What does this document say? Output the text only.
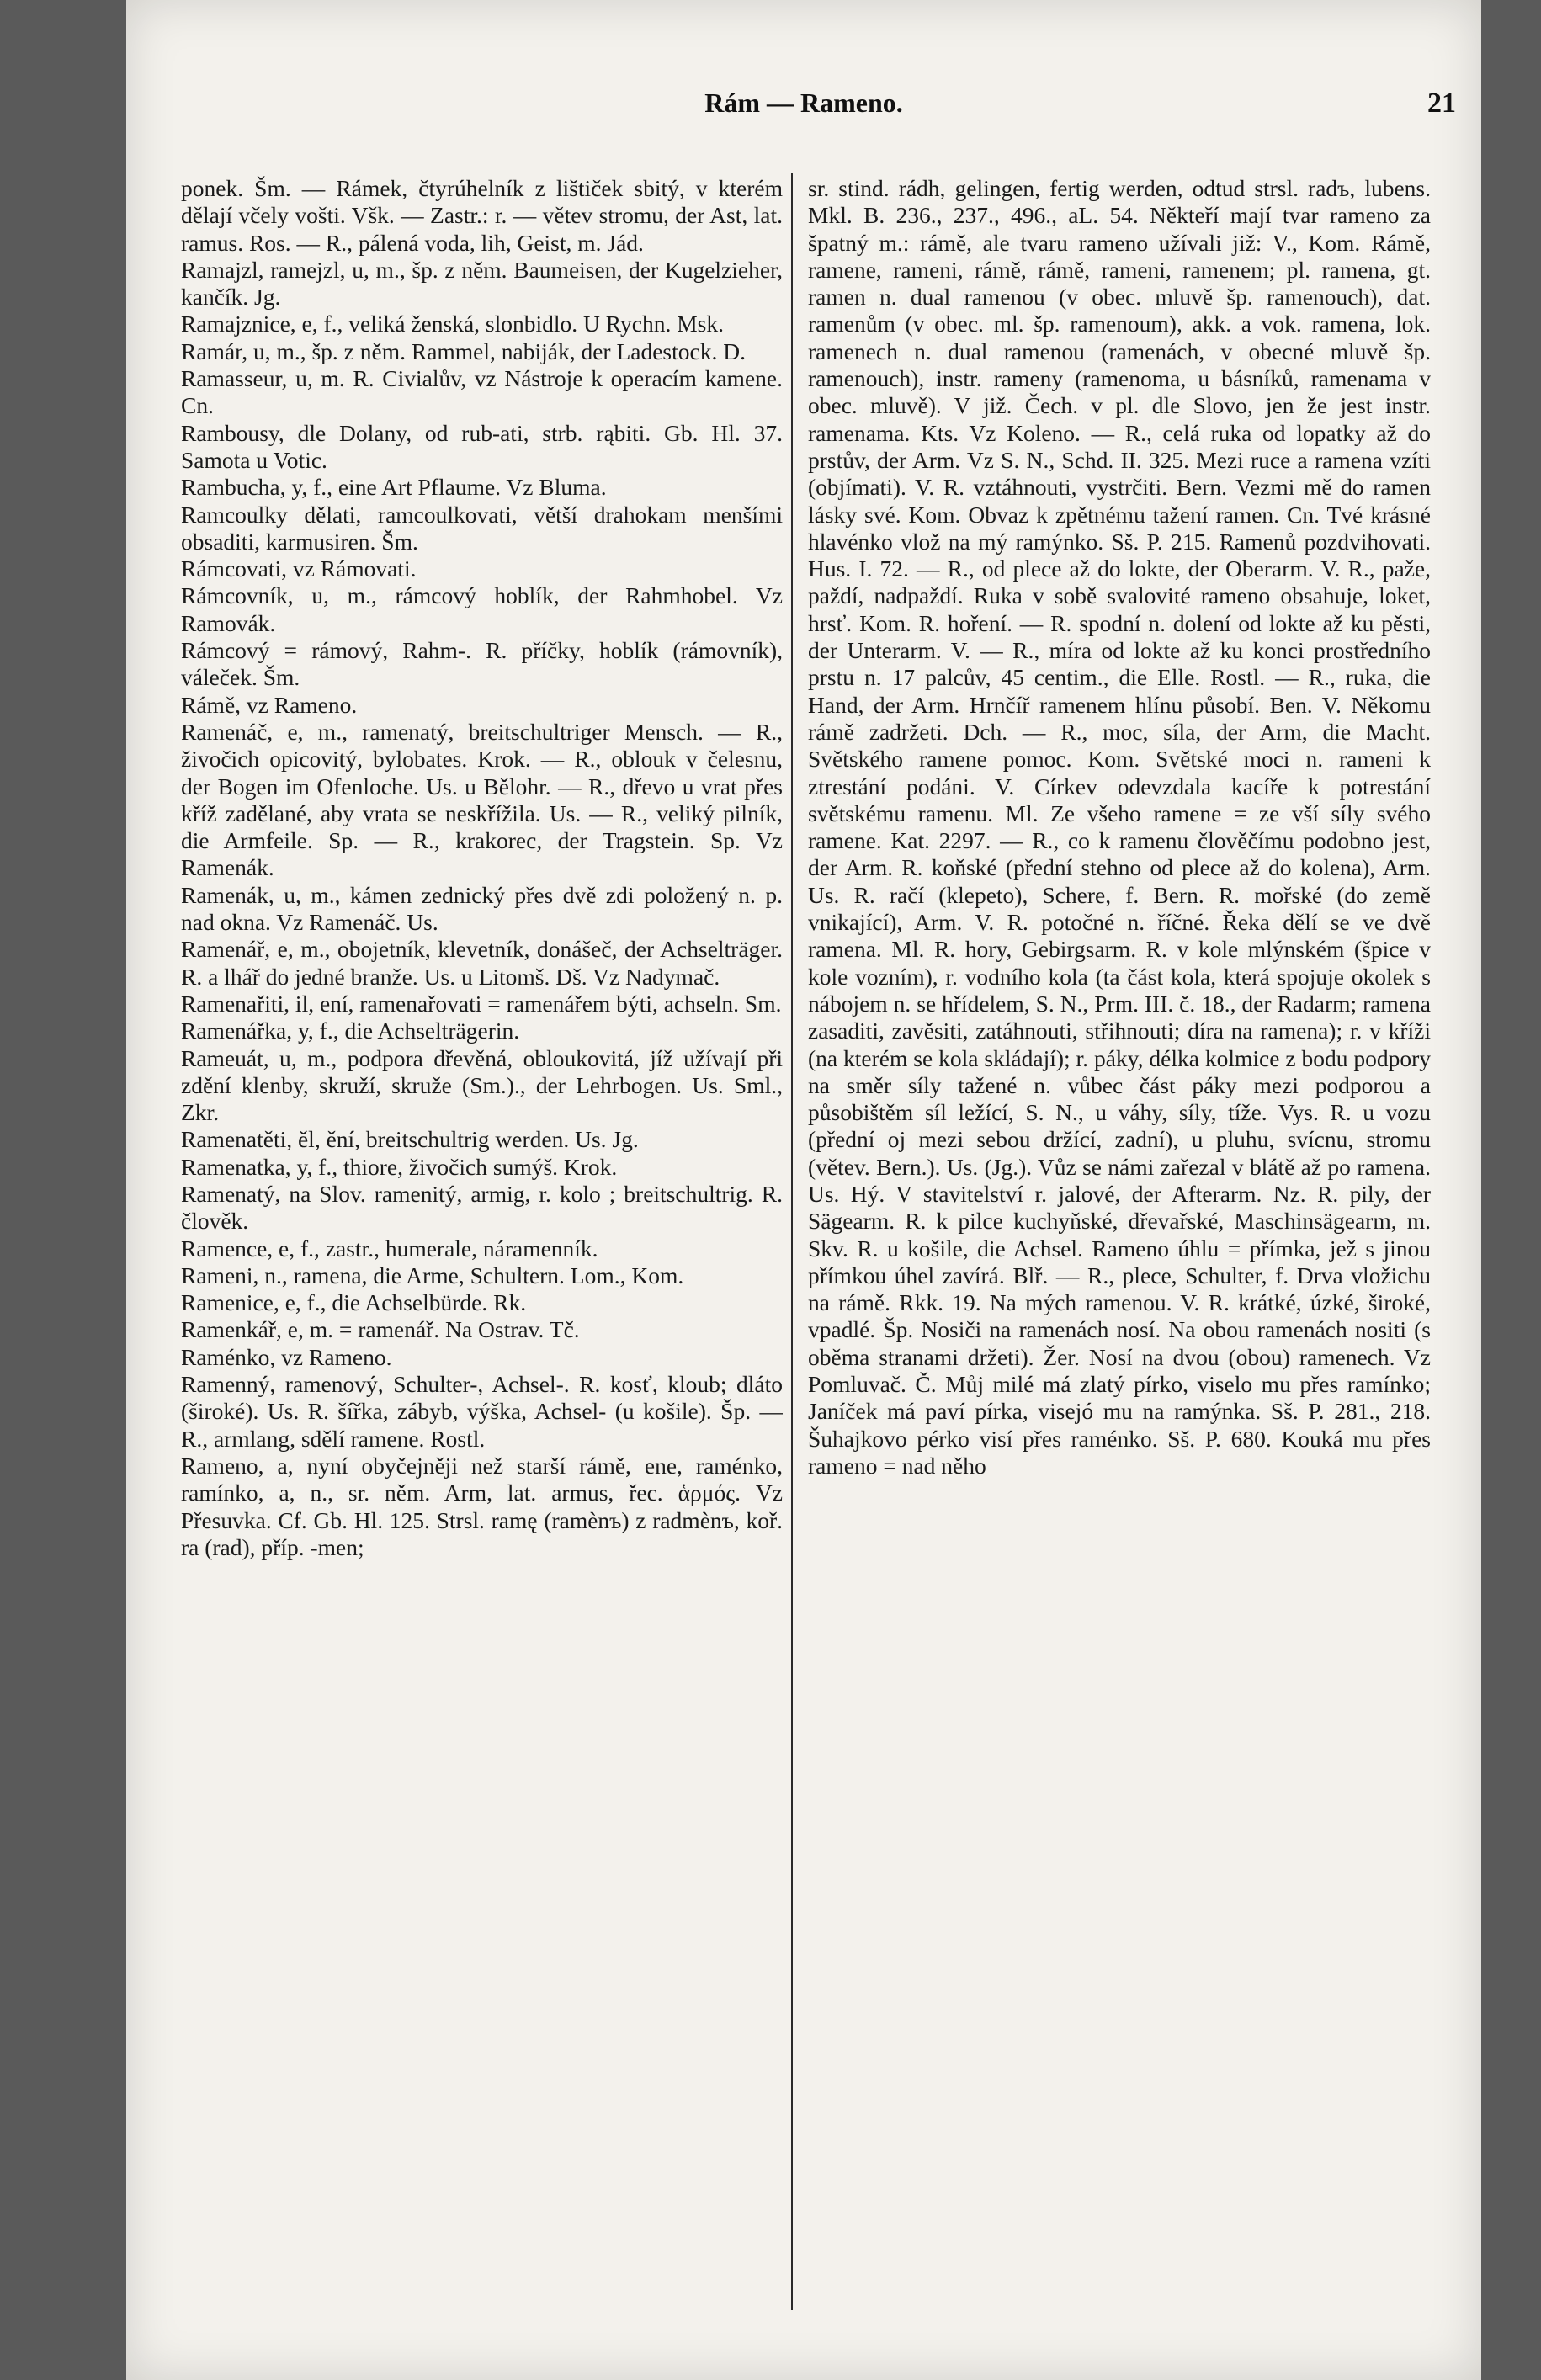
Rám — Rameno.	21

ponek. Šm. — Rámek, čtyrúhelník z lištiček sbitý, v kterém dělají včely vošti. Všk. — Zastr.: r. — větev stromu, der Ast, lat. ramus. Ros. — R., pálená voda, lih, Geist, m. Jád.

Ramajzl, ramejzl, u, m., šp. z něm. Baumeisen, der Kugelzieher, kančík. Jg.

Ramajznice, e, f., veliká ženská, slonbidlo. U Rychn. Msk.

Ramár, u, m., šp. z něm. Rammel, nabiják, der Ladestock. D.

Ramasseur, u, m. R. Civialův, vz Nástroje k operacím kamene. Cn.

Rambousy, dle Dolany, od rub-ati, strb. rąbiti. Gb. Hl. 37. Samota u Votic.

Rambucha, y, f., eine Art Pflaume. Vz Bluma.

Ramcoulky dělati, ramcoulkovati, větší drahokam menšími obsaditi, karmusiren. Šm.

Rámcovati, vz Rámovati.

Rámcovník, u, m., rámcový hoblík, der Rahmhobel. Vz Ramovák.

Rámcový = rámový, Rahm-. R. příčky, hoblík (rámovník), váleček. Šm.

Rámě, vz Rameno.

Ramenáč, e, m., ramenatý, breitschultriger Mensch. — R., živočich opicovitý, bylobates. Krok. — R., oblouk v čelesnu, der Bogen im Ofenloche. Us. u Bělohr. — R., dřevo u vrat přes kříž zadělané, aby vrata se neskřížila. Us. — R., veliký pilník, die Armfeile. Sp. — R., krakorec, der Tragstein. Sp. Vz Ramenák.

Ramenák, u, m., kámen zednický přes dvě zdi položený n. p. nad okna. Vz Ramenáč. Us.

Ramenář, e, m., obojetník, klevetník, donášeč, der Achselträger. R. a lhář do jedné branže. Us. u Litomš. Dš. Vz Nadymač.

Ramenařiti, il, ení, ramenařovati = ramenářem býti, achseln. Sm.

Ramenářka, y, f., die Achselträgerin.

Rameuát, u, m., podpora dřevěná, obloukovitá, jíž užívají při zdění klenby, skruží, skruže (Sm.)., der Lehrbogen. Us. Sml., Zkr.

Ramenatěti, ěl, ění, breitschultrig werden. Us. Jg.

Ramenatka, y, f., thiore, živočich sumýš. Krok.

Ramenatý, na Slov. ramenitý, armig, r. kolo ; breitschultrig. R. člověk.

Ramence, e, f., zastr., humerale, náramenník.

Rameni, n., ramena, die Arme, Schultern. Lom., Kom.

Ramenice, e, f., die Achselbürde. Rk.

Ramenkář, e, m. = ramenář. Na Ostrav. Tč.

Raménko, vz Rameno.

Ramenný, ramenový, Schulter-, Achsel-. R. kosť, kloub; dláto (široké). Us. R. šířka, zábyb, výška, Achsel- (u košile). Šp. — R., armlang, sdělí ramene. Rostl.

Rameno, a, nyní obyčejněji než starší rámě, ene, raménko, ramínko, a, n., sr. něm. Arm, lat. armus, řec. ἁρμός. Vz Přesuvka. Cf. Gb. Hl. 125. Strsl. ramę (ramènъ) z radmènъ, koř. ra (rad), příp. -men;

sr. stind. rádh, gelingen, fertig werden, odtud strsl. radъ, lubens. Mkl. B. 236., 237., 496., aL. 54. Někteří mají tvar rameno za špatný m.: rámě, ale tvaru rameno užívali již: V., Kom. Rámě, ramene, rameni, rámě, rámě, rameni, ramenem; pl. ramena, gt. ramen n. dual ramenou (v obec. mluvě šp. ramenouch), dat. ramenům (v obec. ml. šp. ramenoum), akk. a vok. ramena, lok. ramenech n. dual ramenou (ramenách, v obecné mluvě šp. ramenouch), instr. rameny (ramenoma, u básníků, ramenama v obec. mluvě). V již. Čech. v pl. dle Slovo, jen že jest instr. ramenama. Kts. Vz Koleno. — R., celá ruka od lopatky až do prstův, der Arm. Vz S. N., Schd. II. 325. Mezi ruce a ramena vzíti (objímati). V. R. vztáhnouti, vystrčiti. Bern. Vezmi mě do ramen lásky své. Kom. Obvaz k zpětnému tažení ramen. Cn. Tvé krásné hlavénko vlož na mý ramýnko. Sš. P. 215. Ramenů pozdvihovati. Hus. I. 72. — R., od plece až do lokte, der Oberarm. V. R., paže, paždí, nadpaždí. Ruka v sobě svalovité rameno obsahuje, loket, hrsť. Kom. R. hoření. — R. spodní n. dolení od lokte až ku pěsti, der Unterarm. V. — R., míra od lokte až ku konci prostředního prstu n. 17 palcův, 45 centim., die Elle. Rostl. — R., ruka, die Hand, der Arm. Hrnčíř ramenem hlínu působí. Ben. V. Někomu rámě zadržeti. Dch. — R., moc, síla, der Arm, die Macht. Světského ramene pomoc. Kom. Světské moci n. rameni k ztrestání podáni. V. Církev odevzdala kacíře k potrestání světskému ramenu. Ml. Ze všeho ramene = ze vší síly svého ramene. Kat. 2297. — R., co k ramenu člověčímu podobno jest, der Arm. R. koňské (přední stehno od plece až do kolena), Arm. Us. R. račí (klepeto), Schere, f. Bern. R. mořské (do země vnikající), Arm. V. R. potočné n. říčné. Řeka dělí se ve dvě ramena. Ml. R. hory, Gebirgsarm. R. v kole mlýnském (špice v kole vozním), r. vodního kola (ta část kola, která spojuje okolek s nábojem n. se hřídelem, S. N., Prm. III. č. 18., der Radarm; ramena zasaditi, zavěsiti, zatáhnouti, střihnouti; díra na ramena); r. v kříži (na kterém se kola skládají); r. páky, délka kolmice z bodu podpory na směr síly tažené n. vůbec část páky mezi podporou a působištěm síl ležící, S. N., u váhy, síly, tíže. Vys. R. u vozu (přední oj mezi sebou držící, zadní), u pluhu, svícnu, stromu (větev. Bern.). Us. (Jg.). Vůz se námi zařezal v blátě až po ramena. Us. Hý. V stavitelství r. jalové, der Afterarm. Nz. R. pily, der Sägearm. R. k pilce kuchyňské, dřevařské, Maschinsägearm, m. Skv. R. u košile, die Achsel. Rameno úhlu = přímka, jež s jinou přímkou úhel zavírá. Blř. — R., plece, Schulter, f. Drva vložichu na rámě. Rkk. 19. Na mých ramenou. V. R. krátké, úzké, široké, vpadlé. Šp. Nosiči na ramenách nosí. Na obou ramenách nositi (s oběma stranami držeti). Žer. Nosí na dvou (obou) ramenech. Vz Pomluvač. Č. Můj milé má zlatý pírko, viselo mu přes ramínko; Janíček má paví pírka, visejó mu na ramýnka. Sš. P. 281., 218. Šuhajkovo pérko visí přes raménko. Sš. P. 680. Kouká mu přes rameno = nad něho
